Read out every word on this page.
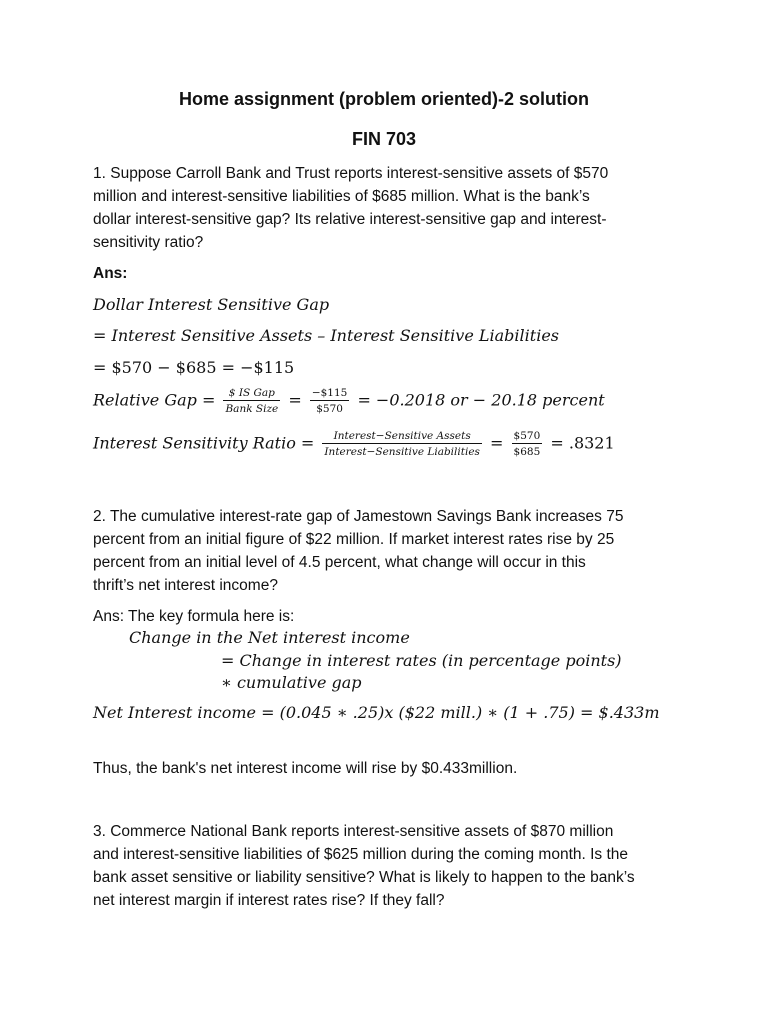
Home assignment (problem oriented)-2 solution
FIN 703
1. Suppose Carroll Bank and Trust reports interest-sensitive assets of $570
million and interest-sensitive liabilities of $685 million. What is the bank’s
dollar interest-sensitive gap? Its relative interest-sensitive gap and interest-
sensitivity ratio?
Ans:
Dollar Interest Sensitive Gap
= Interest Sensitive Assets – Interest Sensitive Liabilities
= $570 − $685 = −$115
Relative Gap = $\frac{\text{\$ IS Gap}}{\text{Bank Size}} = \frac{-\$115}{\$570} = -0.2018$ or − 20.18 percent
Interest Sensitivity Ratio = $\frac{\text{Interest−Sensitive Assets}}{\text{Interest−Sensitive Liabilities}} = \frac{\$570}{\$685} = .8321$
2. The cumulative interest-rate gap of Jamestown Savings Bank increases 75
percent from an initial figure of $22 million. If market interest rates rise by 25
percent from an initial level of 4.5 percent, what change will occur in this
thrift’s net interest income?
Ans: The key formula here is:
Change in the Net interest income
= Change in interest rates (in percentage points)
∗ cumulative gap
Net Interest income = (0.045 ∗ .25)x ($22 mill.) ∗ (1 + .75) = $.433m
Thus, the bank's net interest income will rise by $0.433million.
3. Commerce National Bank reports interest-sensitive assets of $870 million
and interest-sensitive liabilities of $625 million during the coming month. Is the
bank asset sensitive or liability sensitive? What is likely to happen to the bank’s
net interest margin if interest rates rise? If they fall?
